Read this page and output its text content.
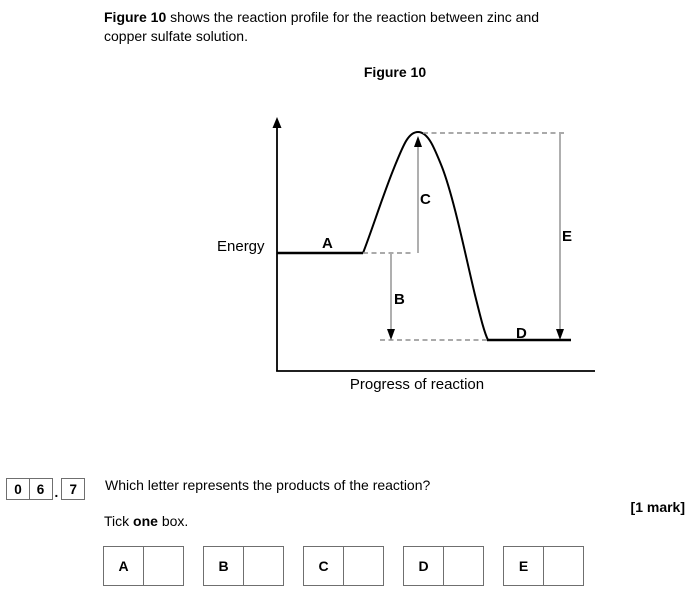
Figure 10 shows the reaction profile for the reaction between zinc and
copper sulfate solution.

Figure 10
Energy	A
B
C
D
E
Progress of reaction
0	6 . 7	Which letter represents the products of the reaction?
[1 mark]
Tick one box.
A	B	C	D	E
